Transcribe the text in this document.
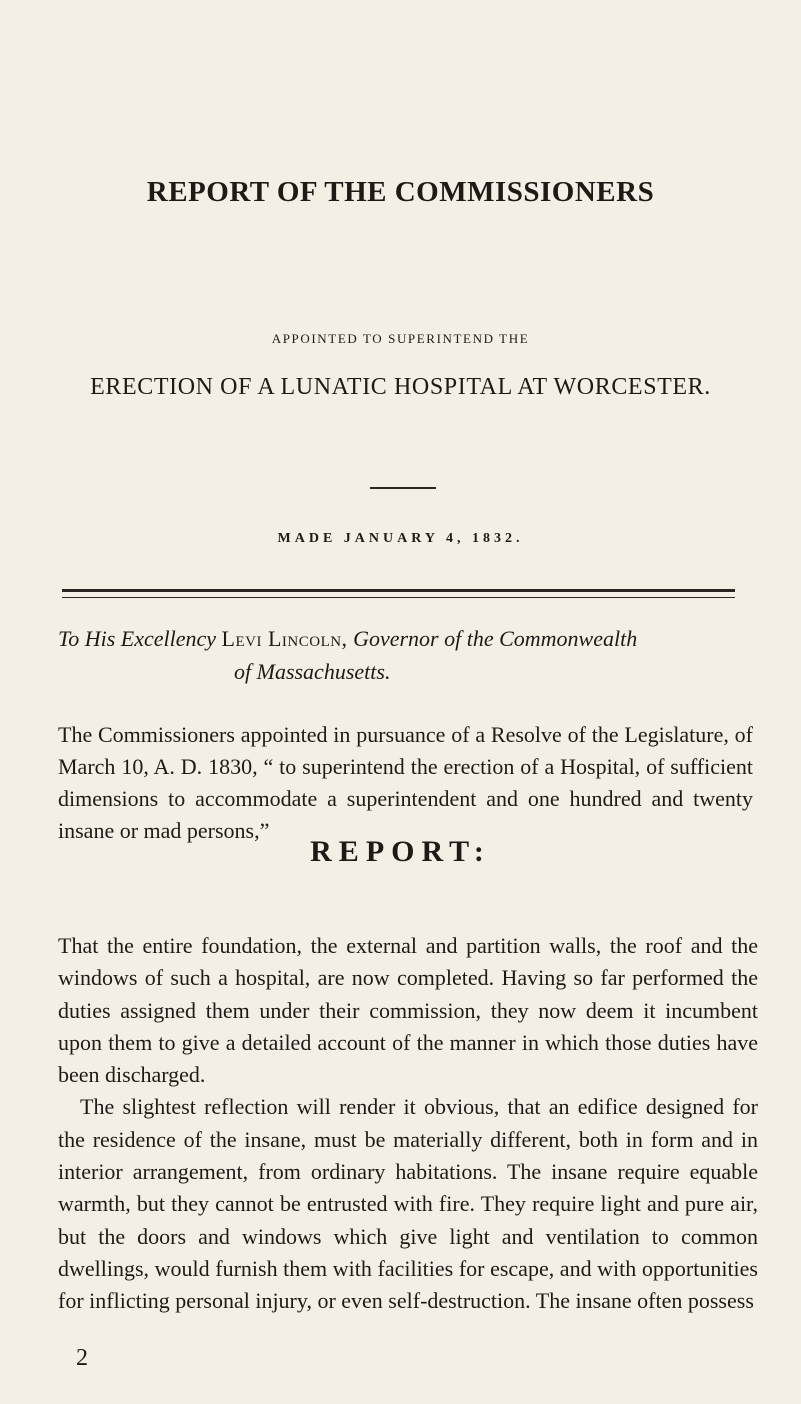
REPORT OF THE COMMISSIONERS
APPOINTED TO SUPERINTEND THE
ERECTION OF A LUNATIC HOSPITAL AT WORCESTER.
MADE JANUARY 4, 1832.
To His Excellency Levi Lincoln, Governor of the Commonwealth
of Massachusetts.
The Commissioners appointed in pursuance of a Resolve of the Legislature, of March 10, A. D. 1830, “ to superintend the erection of a Hospital, of sufficient dimensions to accommodate a superintendent and one hundred and twenty insane or mad persons,”
REPORT:

That the entire foundation, the external and partition walls, the roof and the windows of such a hospital, are now completed. Having so far performed the duties assigned them under their commission, they now deem it incumbent upon them to give a detailed account of the manner in which those duties have been discharged.

The slightest reflection will render it obvious, that an edifice designed for the residence of the insane, must be materially different, both in form and in interior arrangement, from ordinary habitations. The insane require equable warmth, but they cannot be entrusted with fire. They require light and pure air, but the doors and windows which give light and ventilation to common dwellings, would furnish them with facilities for escape, and with opportunities for inflicting personal injury, or even self-destruction. The insane often possess

2
